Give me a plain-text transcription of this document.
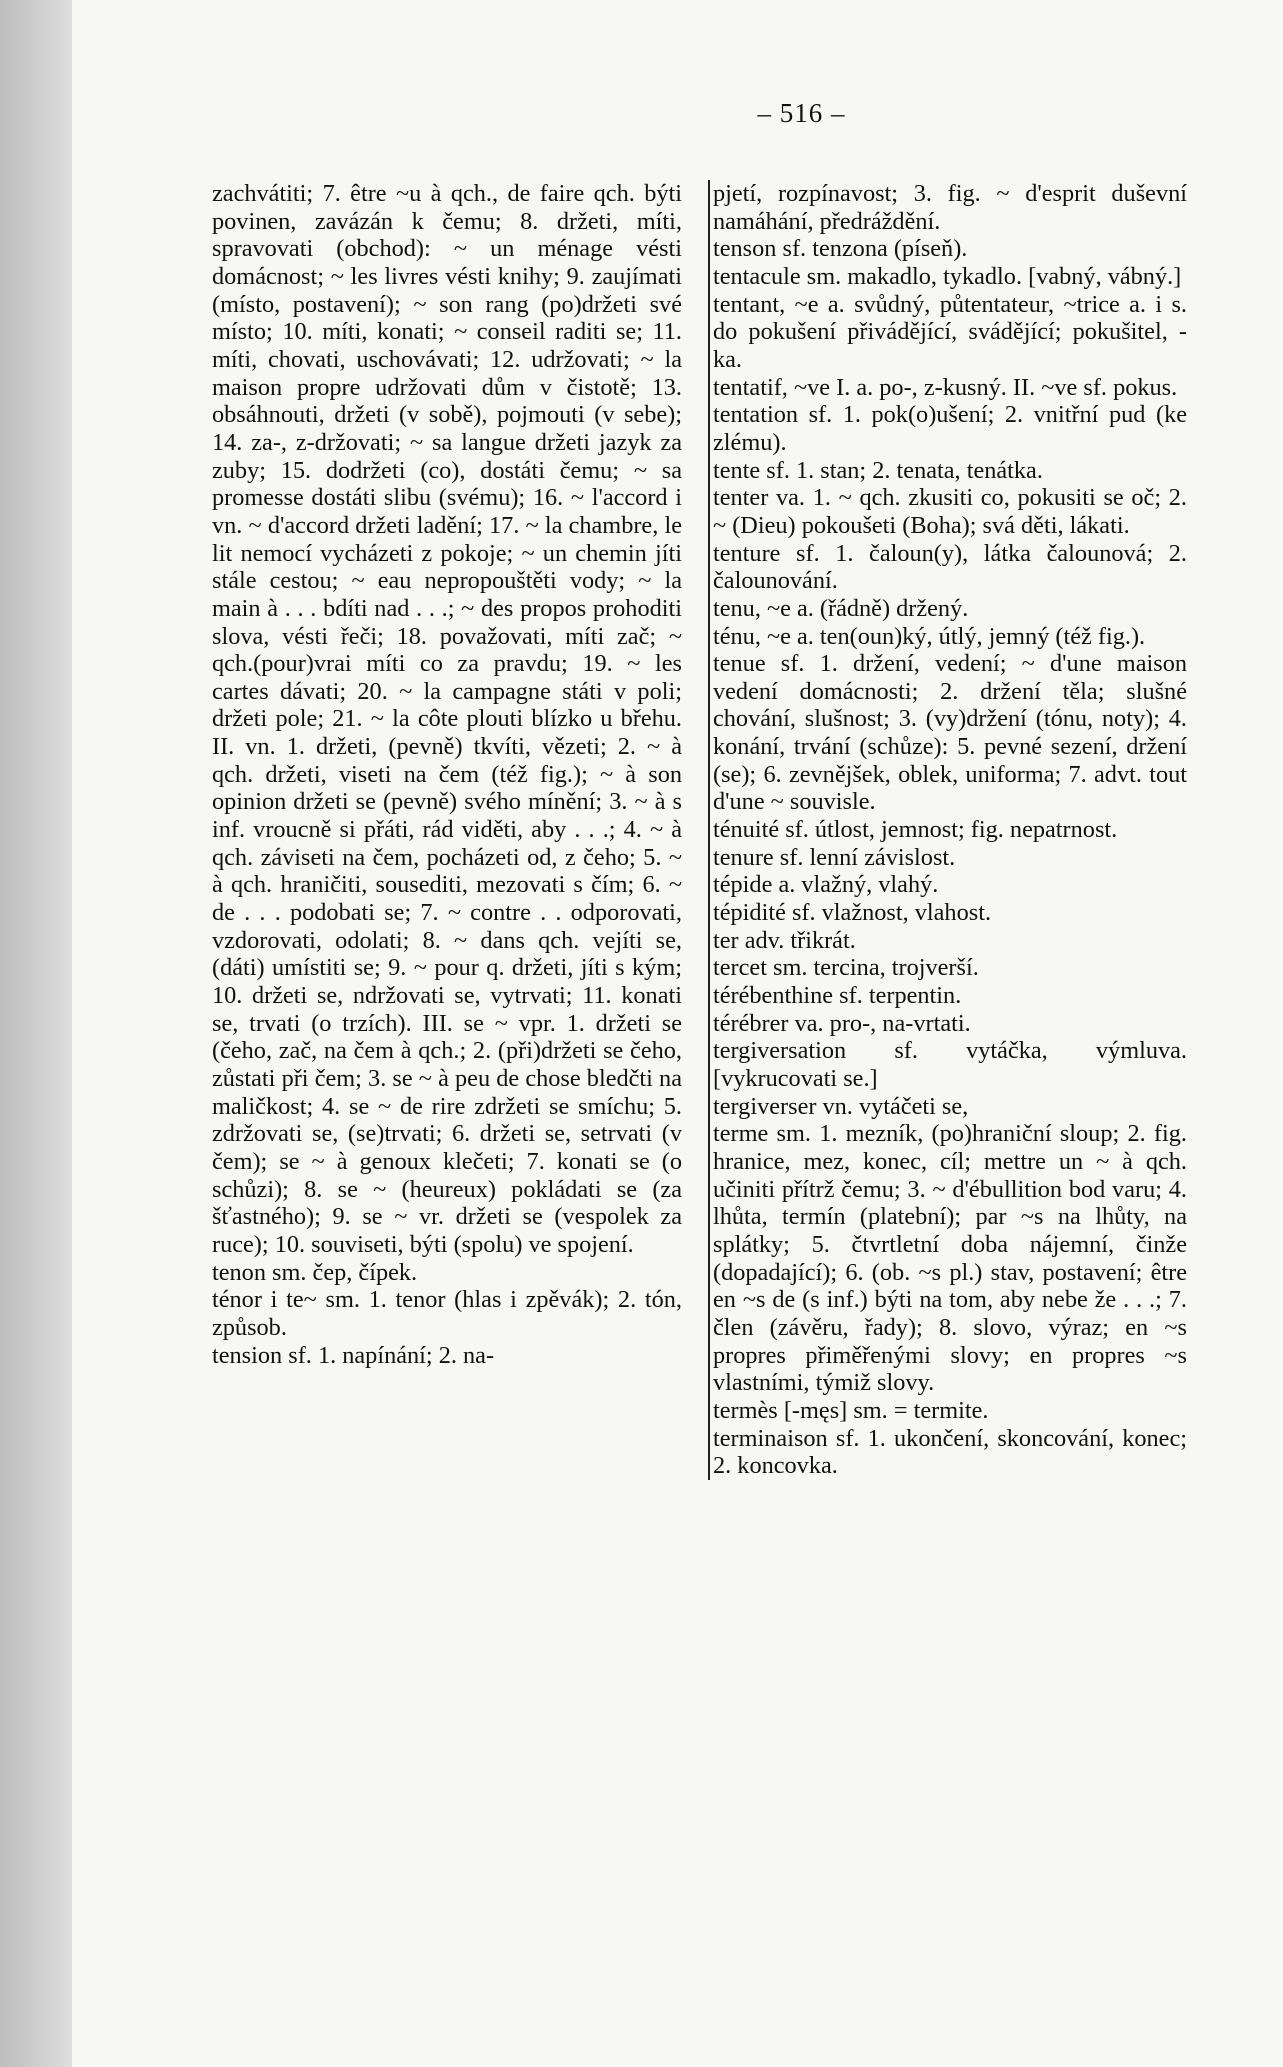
– 516 –

zachvátiti; 7. être ~u à qch., de faire qch. býti povinen, zavázán k čemu; 8. držeti, míti, spravovati (obchod): ~ un ménage vésti domácnost; ~ les livres vésti knihy; 9. zaujímati (místo, postavení); ~ son rang (po)držeti své místo; 10. míti, konati; ~ conseil raditi se; 11. míti, chovati, uschovávati; 12. udržovati; ~ la maison propre udržovati dům v čistotě; 13. obsáhnouti, držeti (v sobě), pojmouti (v sebe); 14. za-, z-držovati; ~ sa langue držeti jazyk za zuby; 15. dodržeti (co), dostáti čemu; ~ sa promesse dostáti slibu (svému); 16. ~ l'accord i vn. ~ d'accord držeti ladění; 17. ~ la chambre, le lit nemocí vycházeti z pokoje; ~ un chemin jíti stále cestou; ~ eau nepropouštěti vody; ~ la main à . . . bdíti nad . . .; ~ des propos prohoditi slova, vésti řeči; 18. považovati, míti zač; ~ qch.(pour)vrai míti co za pravdu; 19. ~ les cartes dávati; 20. ~ la campagne státi v poli; držeti pole; 21. ~ la côte plouti blízko u břehu. II. vn. 1. držeti, (pevně) tkvíti, vězeti; 2. ~ à qch. držeti, viseti na čem (též fig.); ~ à son opinion držeti se (pevně) svého mínění; 3. ~ à s inf. vroucně si přáti, rád viděti, aby . . .; 4. ~ à qch. záviseti na čem, pocházeti od, z čeho; 5. ~ à qch. hraničiti, sousediti, mezovati s čím; 6. ~ de . . . podobati se; 7. ~ contre . . odporovati, vzdorovati, odolati; 8. ~ dans qch. vejíti se, (dáti) umístiti se; 9. ~ pour q. držeti, jíti s kým; 10. držeti se, ndržovati se, vytrvati; 11. konati se, trvati (o trzích). III. se ~ vpr. 1. držeti se (čeho, zač, na čem à qch.; 2. (při)držeti se čeho, zůstati při čem; 3. se ~ à peu de chose bledčti na maličkost; 4. se ~ de rire zdržeti se smíchu; 5. zdržovati se, (se)trvati; 6. držeti se, setrvati (v čem); se ~ à genoux klečeti; 7. konati se (o schůzi); 8. se ~ (heureux) pokládati se (za šťastného); 9. se ~ vr. držeti se (vespolek za ruce); 10. souviseti, býti (spolu) ve spojení.

tenon sm. čep, čípek.

ténor i te~ sm. 1. tenor (hlas i zpěvák); 2. tón, způsob.

tension sf. 1. napínání; 2. na-

pjetí, rozpínavost; 3. fig. ~ d'esprit duševní namáhání, předráždění.

tenson sf. tenzona (píseň).

tentacule sm. makadlo, tykadlo. [vabný, vábný.]

tentant, ~e a. svůdný, půtentateur, ~trice a. i s. do pokušení přivádějící, svádějící; pokušitel, -ka.

tentatif, ~ve I. a. po-, z-kusný. II. ~ve sf. pokus.

tentation sf. 1. pok(o)ušení; 2. vnitřní pud (ke zlému).

tente sf. 1. stan; 2. tenata, tenátka.

tenter va. 1. ~ qch. zkusiti co, pokusiti se oč; 2. ~ (Dieu) pokoušeti (Boha); svá děti, lákati.

tenture sf. 1. čaloun(y), látka čalounová; 2. čalounování.

tenu, ~e a. (řádně) držený.

ténu, ~e a. ten(oun)ký, útlý, jemný (též fig.).

tenue sf. 1. držení, vedení; ~ d'une maison vedení domácnosti; 2. držení těla; slušné chování, slušnost; 3. (vy)držení (tónu, noty); 4. konání, trvání (schůze): 5. pevné sezení, držení (se); 6. zevnějšek, oblek, uniforma; 7. advt. tout d'une ~ souvisle.

ténuité sf. útlost, jemnost; fig. nepatrnost.

tenure sf. lenní závislost.

tépide a. vlažný, vlahý.

tépidité sf. vlažnost, vlahost.

ter adv. třikrát.

tercet sm. tercina, trojverší.

térébenthine sf. terpentin.

térébrer va. pro-, na-vrtati.

tergiversation sf. vytáčka, výmluva. [vykrucovati se.]

tergiverser vn. vytáčeti se,

terme sm. 1. mezník, (po)hraniční sloup; 2. fig. hranice, mez, konec, cíl; mettre un ~ à qch. učiniti přítrž čemu; 3. ~ d'ébullition bod varu; 4. lhůta, termín (platební); par ~s na lhůty, na splátky; 5. čtvrtletní doba nájemní, činže (dopadající); 6. (ob. ~s pl.) stav, postavení; être en ~s de (s inf.) býti na tom, aby nebe že . . .; 7. člen (závěru, řady); 8. slovo, výraz; en ~s propres přiměřenými slovy; en propres ~s vlastními, týmiž slovy.

termès [-męs] sm. = termite.

terminaison sf. 1. ukončení, skoncování, konec; 2. koncovka.
